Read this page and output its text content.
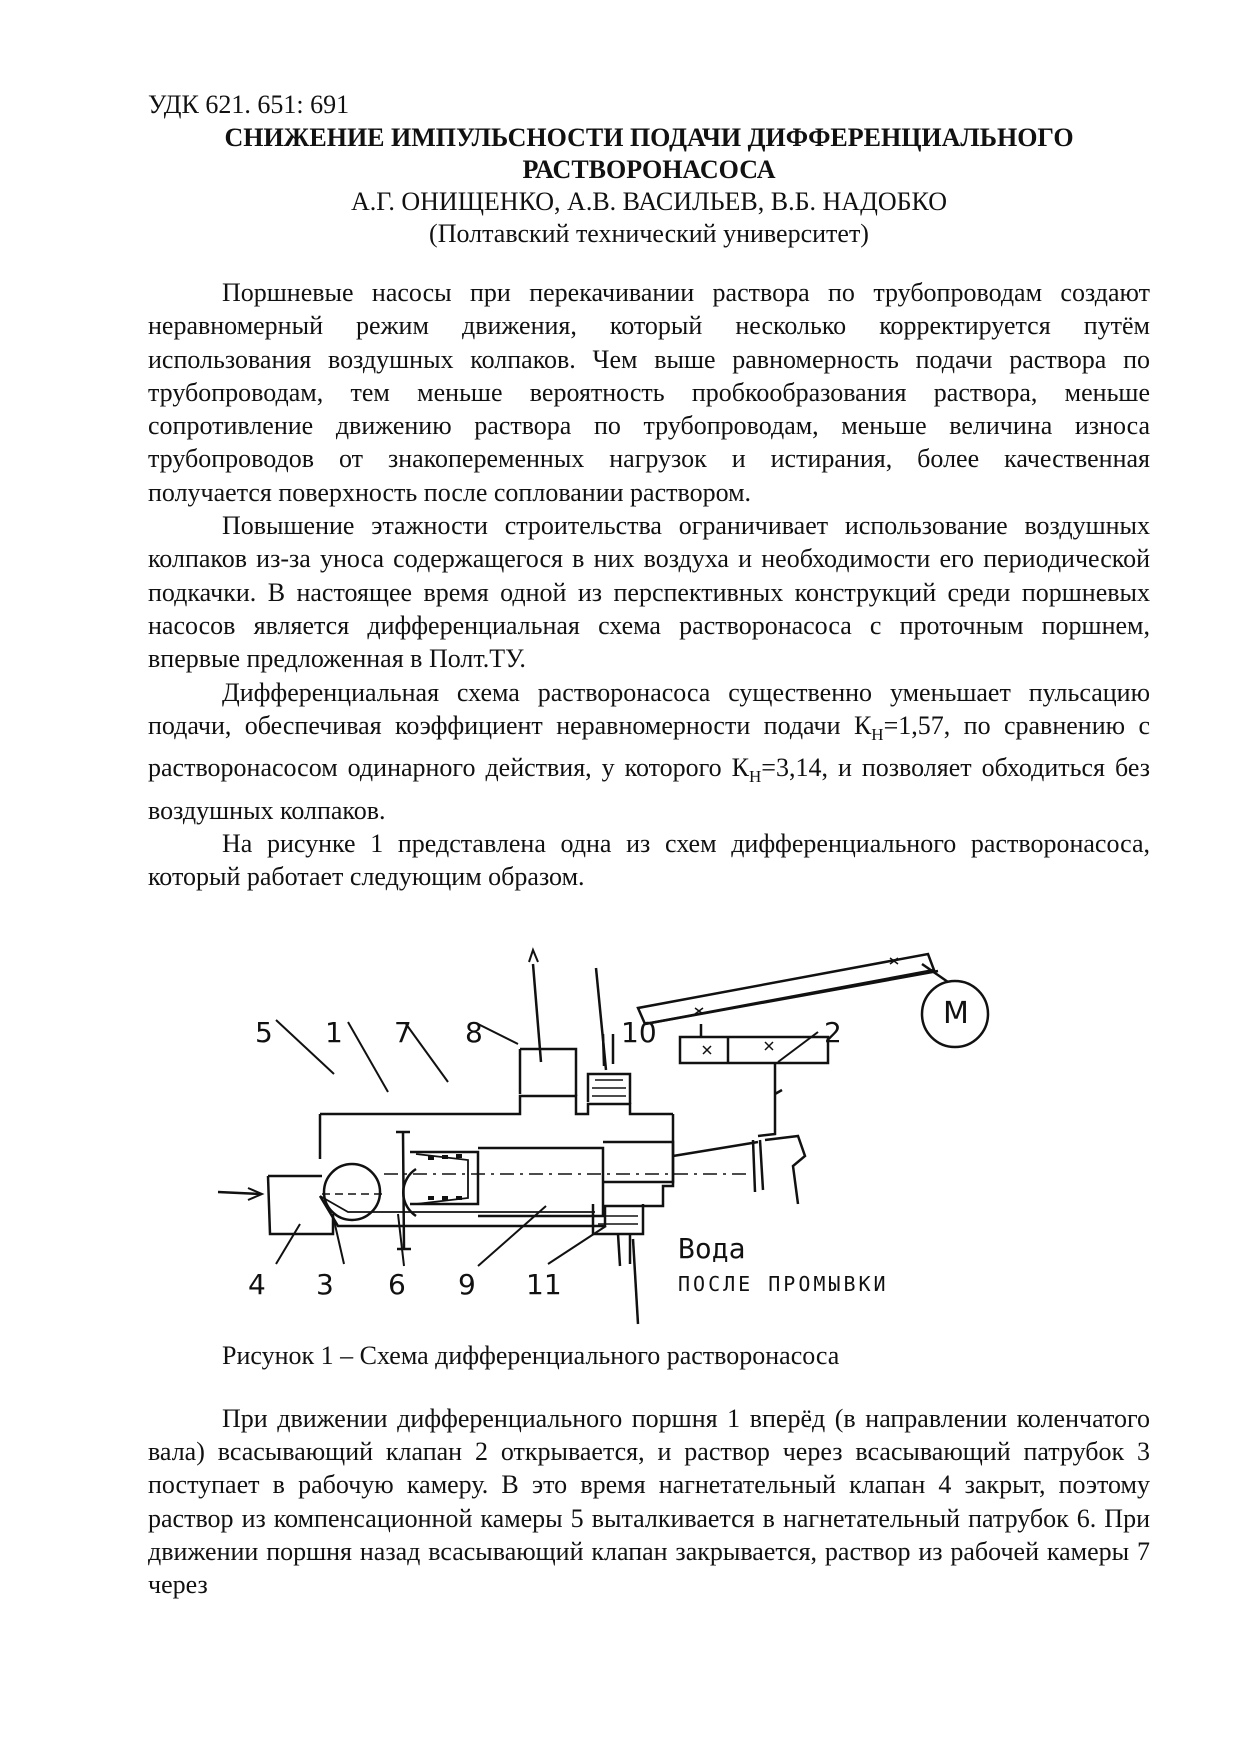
УДК 621. 651: 691

СНИЖЕНИЕ ИМПУЛЬСНОСТИ ПОДАЧИ ДИФФЕРЕНЦИАЛЬНОГО

РАСТВОРОНАСОСА

А.Г. ОНИЩЕНКО, А.В. ВАСИЛЬЕВ, В.Б. НАДОБКО

(Полтавский технический университет)

Поршневые насосы при перекачивании раствора по трубопроводам создают неравномерный режим движения, который несколько корректируется путём использования воздушных колпаков. Чем выше равномерность подачи раствора по трубопроводам, тем меньше вероятность пробкообразования раствора, меньше сопротивление движению раствора по трубопроводам, меньше величина износа трубопроводов от знакопеременных нагрузок и истирания, более качественная получается поверхность после сопловании раствором.

Повышение этажности строительства ограничивает использование воздушных колпаков из-за уноса содержащегося в них воздуха и необходимости его периодической подкачки. В настоящее время одной из перспективных конструкций среди поршневых насосов является дифференциальная схема растворонасоса с проточным поршнем, впервые предложенная в Полт.ТУ.

Дифференциальная схема растворонасоса существенно уменьшает пульсацию подачи, обеспечивая коэффициент неравномерности подачи $К_Н=1,57$, по сравнению с растворонасосом одинарного действия, у которого $К_Н=3,14$, и позволяет обходиться без воздушных колпаков.

На рисунке 1 представлена одна из схем дифференциального растворонасоса, который работает следующим образом.

5 1 7 8	10	2
M
4 3 6 9 11
Вода
ПОСЛЕ ПРОМЫВКИ

Рисунок 1 – Схема дифференциального растворонасоса

При движении дифференциального поршня 1 вперёд (в направлении коленчатого вала) всасывающий клапан 2 открывается, и раствор через всасывающий патрубок 3 поступает в рабочую камеру. В это время нагнетательный клапан 4 закрыт, поэтому раствор из компенсационной камеры 5 выталкивается в нагнетательный патрубок 6. При движении поршня назад всасывающий клапан закрывается, раствор из рабочей камеры 7 через
